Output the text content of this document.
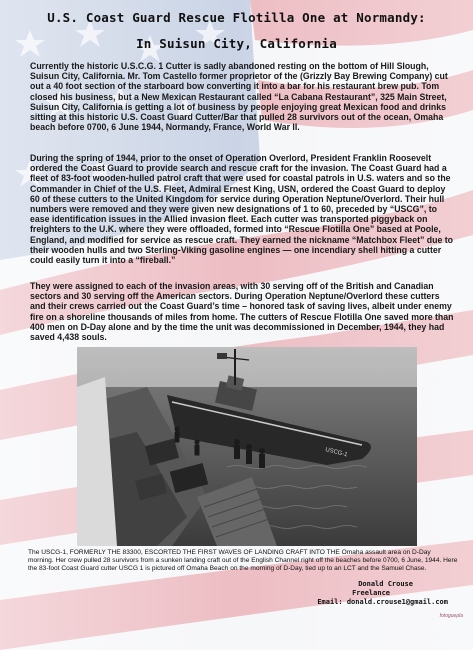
U.S. Coast Guard Rescue Flotilla One at Normandy:
In Suisun City, California

Currently the historic U.S.C.G. 1 Cutter is sadly abandoned resting on the bottom of Hill Slough, Suisun City, California. Mr. Tom Castello former proprietor of the (Grizzly Bay Brewing Company) cut out a 40 foot section of the starboard bow converting it into a bar for his restaurant brew pub. Tom closed his business, but a New Mexican Restaurant called “La Cabana Restaurant”, 325 Main Street, Suisun City, California is getting a lot of business by people enjoying great Mexican food and drinks sitting at this historic U.S. Coast Guard Cutter/Bar that pulled 28 survivors out of the ocean, Omaha beach before 0700, 6 June 1944, Normandy, France, World War II.

During the spring of 1944, prior to the onset of Operation Overlord, President Franklin Roosevelt ordered the Coast Guard to provide search and rescue craft for the invasion. The Coast Guard had a fleet of 83-foot wooden-hulled patrol craft that were used for coastal patrols in U.S. waters and so the Commander in Chief of the U.S. Fleet, Admiral Ernest King, USN, ordered the Coast Guard to deploy 60 of these cutters to the United Kingdom for service during Operation Neptune/Overlord. Their hull numbers were removed and they were given new designations of 1 to 60, preceded by “USCG”, to ease identification issues in the Allied invasion fleet. Each cutter was transported piggyback on freighters to the U.K. where they were offloaded, formed into “Rescue Flotilla One” based at Poole, England, and modified for service as rescue craft. They earned the nickname “Matchbox Fleet” due to their wooden hulls and two Sterling-Viking gasoline engines — one incendiary shell hitting a cutter could easily turn it into a “fireball.”

They were assigned to each of the invasion areas, with 30 serving off of the British and Canadian sectors and 30 serving off the American sectors. During Operation Neptune/Overlord these cutters and their crews carried out the Coast Guard’s time – honored task of saving lives, albeit under enemy fire on a shoreline thousands of miles from home. The cutters of Rescue Flotilla One saved more than 400 men on D-Day alone and by the time the unit was decommissioned in December, 1944, they had saved 4,438 souls.

USCG-1

The USCG-1, FORMERLY THE 83300, ESCORTED THE FIRST WAVES OF LANDING CRAFT INTO THE Omaha assault area on D-Day morning. Her crew pulled 28 survivors from a sunken landing craft out of the English Channel right off the beaches before 0700, 6 June, 1944. Here the 83-foot Coast Guard cutter USCG 1 is pictured off Omaha Beach on the morning of D-Day, tied up to an LCT and the Samuel Chase.

Donald Crouse

Freelance

Email: donald.crouse1@gmail.com

fotoguepla
